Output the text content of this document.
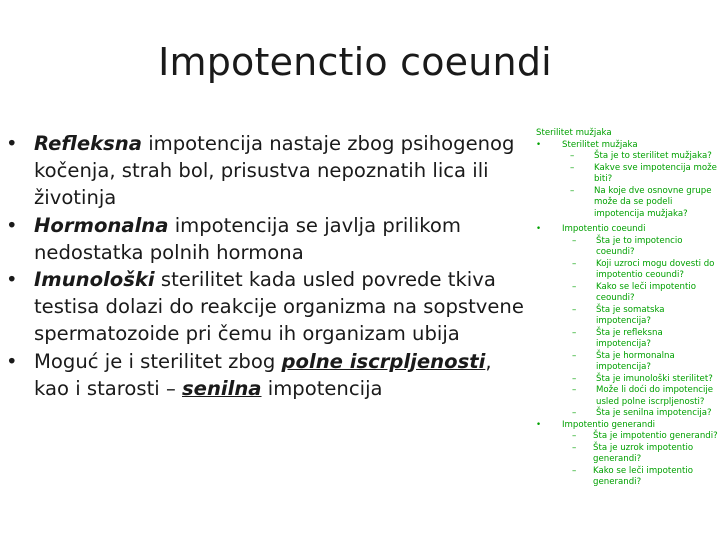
Impotenctio coeundi
• Refleksna impotencija nastaje zbog psihogenog kočenja, strah bol, prisustva nepoznatih lica ili životinja
• Hormonalna impotencija se javlja prilikom nedostatka polnih hormona
• Imunološki sterilitet kada usled povrede tkiva testisa dolazi do reakcije organizma na sopstvene spermatozoide pri čemu ih organizam ubija
• Moguć je i sterilitet zbog polne iscrpljenosti, kao i starosti – senilna impotencija
Sterilitet mužjaka
• Sterilitet mužjaka
– Šta je to sterilitet mužjaka?
– Kakve sve impotencija može biti?
– Na koje dve osnovne grupe može da se podeli impotencija mužjaka?
• Impotentio coeundi
– Šta je to impotencio coeundi?
– Koji uzroci mogu dovesti do impotentio ceoundi?
– Kako se leči impotentio ceoundi?
– Šta je somatska impotencija?
– Šta je refleksna impotencija?
– Šta je hormonalna impotencija?
– Šta je imunološki sterilitet?
– Može li doći do impotencije usled polne iscrpljenosti?
– Šta je senilna impotencija?
• Impotentio generandi
– Šta je impotentio generandi?
– Šta je uzrok impotentio generandi?
– Kako se leči impotentio generandi?
